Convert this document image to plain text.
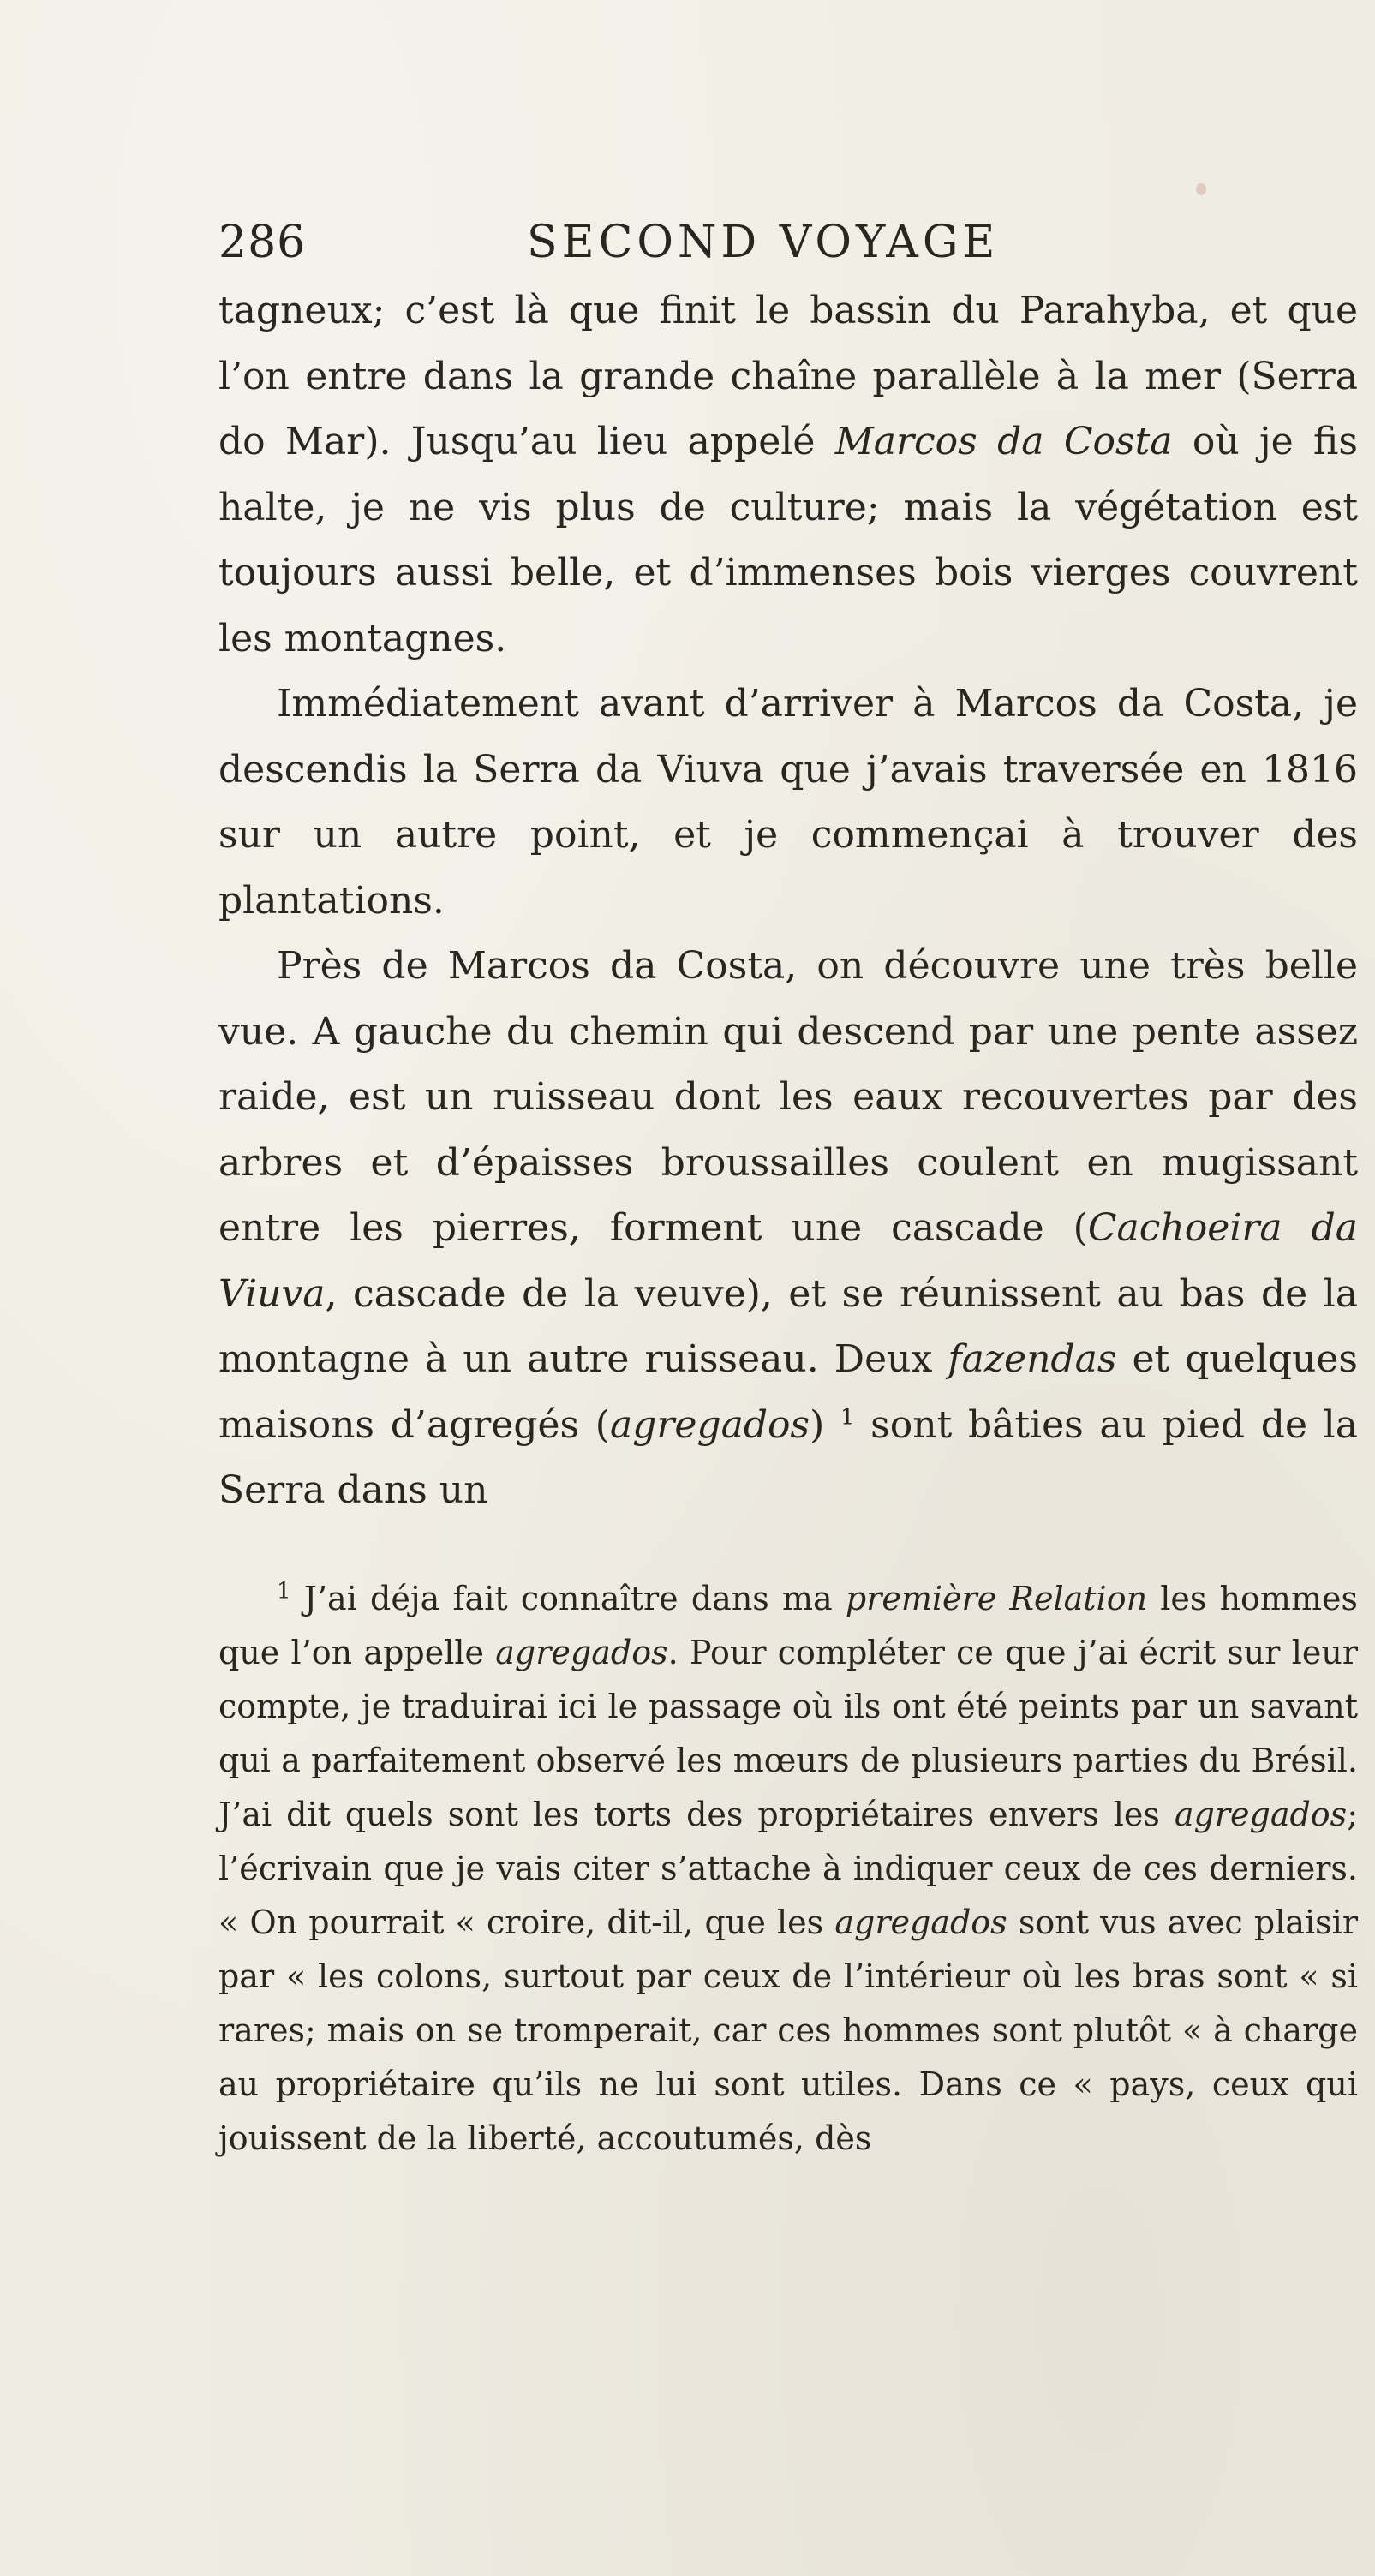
286	SECOND VOYAGE

tagneux; c’est là que finit le bassin du Parahyba, et que l’on entre dans la grande chaîne parallèle à la mer (Serra do Mar). Jusqu’au lieu appelé Marcos da Costa où je fis halte, je ne vis plus de culture; mais la végétation est toujours aussi belle, et d’immenses bois vierges couvrent les montagnes.

Immédiatement avant d’arriver à Marcos da Costa, je descendis la Serra da Viuva que j’avais traversée en 1816 sur un autre point, et je commençai à trouver des plantations.

Près de Marcos da Costa, on découvre une très belle vue. A gauche du chemin qui descend par une pente assez raide, est un ruisseau dont les eaux recouvertes par des arbres et d’épaisses broussailles coulent en mugissant entre les pierres, forment une cascade (Cachoeira da Viuva, cascade de la veuve), et se réunissent au bas de la montagne à un autre ruisseau. Deux fazendas et quelques maisons d’agregés (agregados) $^1$ sont bâties au pied de la Serra dans un

$^1$ J’ai déja fait connaître dans ma première Relation les hommes que l’on appelle agregados. Pour compléter ce que j’ai écrit sur leur compte, je traduirai ici le passage où ils ont été peints par un savant qui a parfaitement observé les mœurs de plusieurs parties du Brésil. J’ai dit quels sont les torts des propriétaires envers les agregados; l’écrivain que je vais citer s’attache à indiquer ceux de ces derniers. « On pourrait « croire, dit-il, que les agregados sont vus avec plaisir par « les colons, surtout par ceux de l’intérieur où les bras sont « si rares; mais on se tromperait, car ces hommes sont plutôt « à charge au propriétaire qu’ils ne lui sont utiles. Dans ce « pays, ceux qui jouissent de la liberté, accoutumés, dès
